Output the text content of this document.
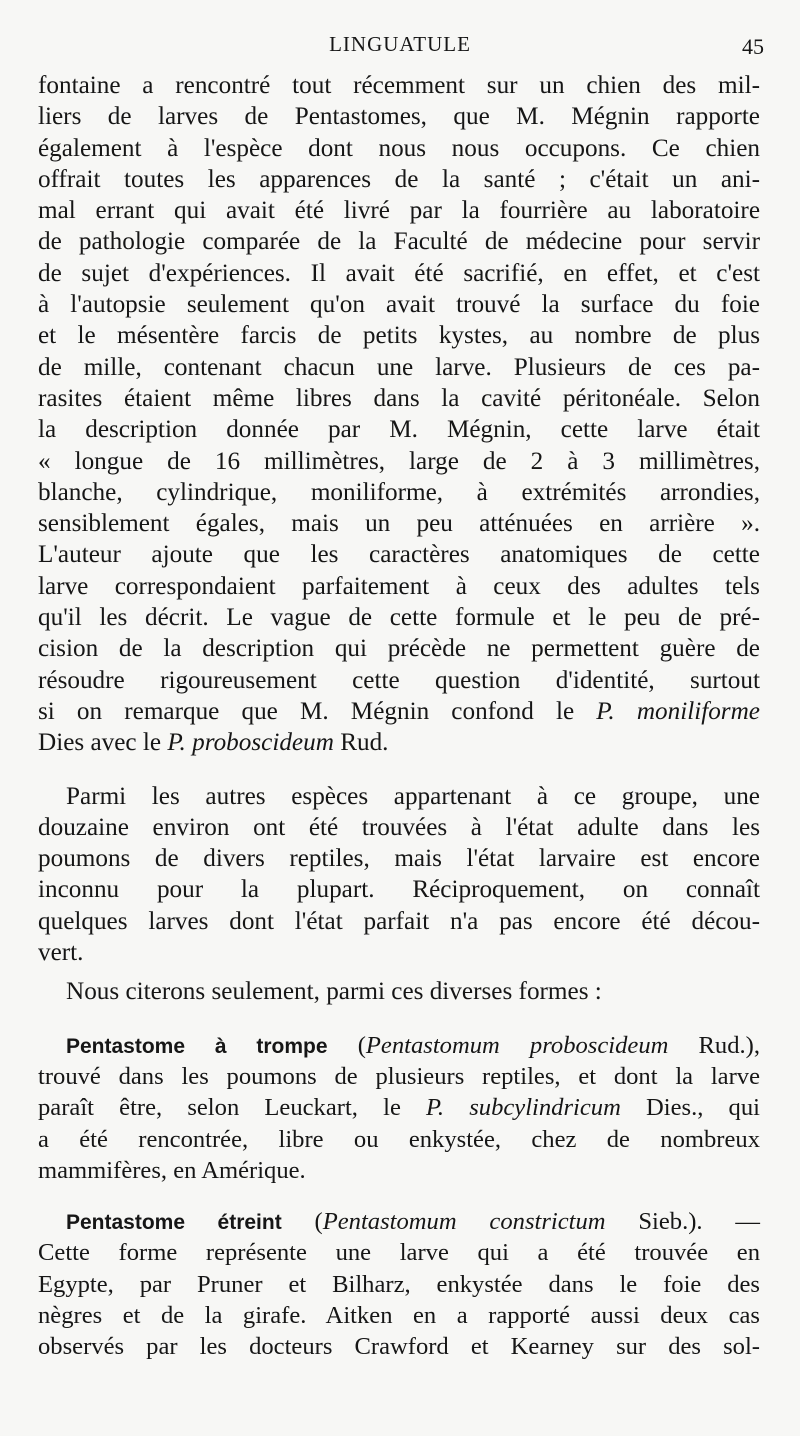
LINGUATULE	45
fontaine a rencontré tout récemment sur un chien des mil-
liers de larves de Pentastomes, que M. Mégnin rapporte
également à l'espèce dont nous nous occupons. Ce chien
offrait toutes les apparences de la santé ; c'était un ani-
mal errant qui avait été livré par la fourrière au laboratoire
de pathologie comparée de la Faculté de médecine pour servir
de sujet d'expériences. Il avait été sacrifié, en effet, et c'est
à l'autopsie seulement qu'on avait trouvé la surface du foie
et le mésentère farcis de petits kystes, au nombre de plus
de mille, contenant chacun une larve. Plusieurs de ces pa-
rasites étaient même libres dans la cavité péritonéale. Selon
la description donnée par M. Mégnin, cette larve était
« longue de 16 millimètres, large de 2 à 3 millimètres,
blanche, cylindrique, moniliforme, à extrémités arrondies,
sensiblement égales, mais un peu atténuées en arrière ».
L'auteur ajoute que les caractères anatomiques de cette
larve correspondaient parfaitement à ceux des adultes tels
qu'il les décrit. Le vague de cette formule et le peu de pré-
cision de la description qui précède ne permettent guère de
résoudre rigoureusement cette question d'identité, surtout
si on remarque que M. Mégnin confond le P. moniliforme
Dies avec le P. proboscideum Rud.
Parmi les autres espèces appartenant à ce groupe, une
douzaine environ ont été trouvées à l'état adulte dans les
poumons de divers reptiles, mais l'état larvaire est encore
inconnu pour la plupart. Réciproquement, on connaît
quelques larves dont l'état parfait n'a pas encore été décou-
vert.
Nous citerons seulement, parmi ces diverses formes :
Pentastome à trompe (Pentastomum proboscideum Rud.),
trouvé dans les poumons de plusieurs reptiles, et dont la larve
paraît être, selon Leuckart, le P. subcylindricum Dies., qui
a été rencontrée, libre ou enkystée, chez de nombreux
mammifères, en Amérique.
Pentastome étreint (Pentastomum constrictum Sieb.). —
Cette forme représente une larve qui a été trouvée en
Egypte, par Pruner et Bilharz, enkystée dans le foie des
nègres et de la girafe. Aitken en a rapporté aussi deux cas
observés par les docteurs Crawford et Kearney sur des sol-
